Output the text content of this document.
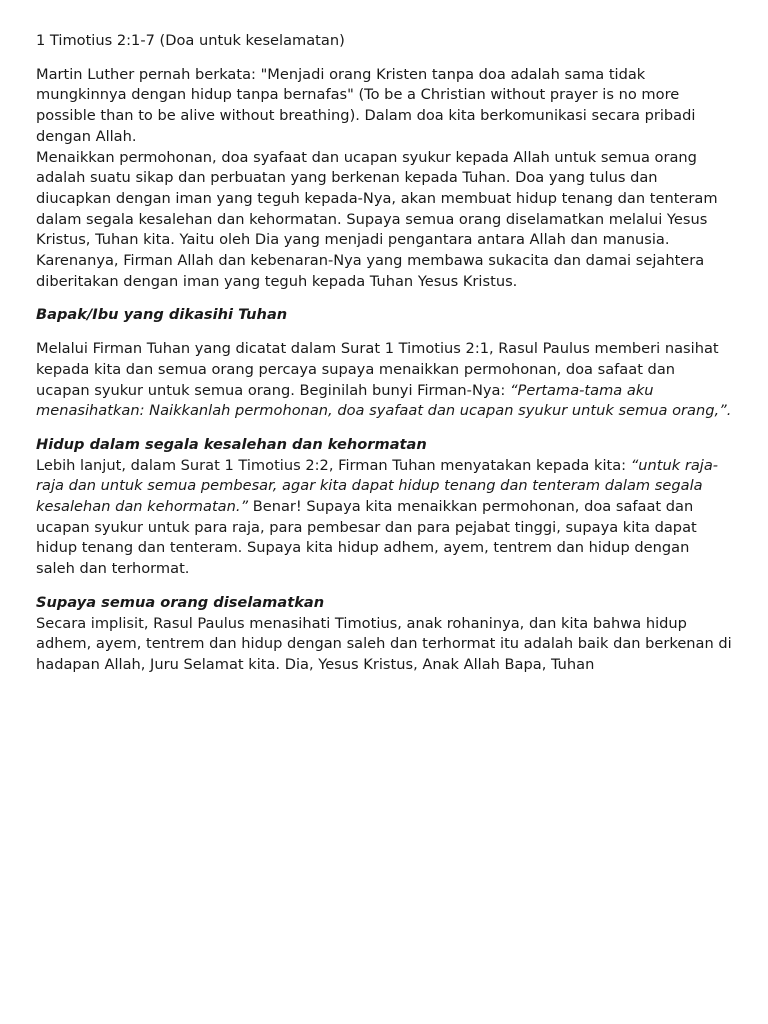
1 Timotius 2:1-7 (Doa untuk keselamatan)

Martin Luther pernah berkata: "Menjadi orang Kristen tanpa doa adalah sama tidak mungkinnya dengan hidup tanpa bernafas" (To be a Christian without prayer is no more possible than to be alive without breathing). Dalam doa kita berkomunikasi secara pribadi dengan Allah.

Menaikkan permohonan, doa syafaat dan ucapan syukur kepada Allah untuk semua orang adalah suatu sikap dan perbuatan yang berkenan kepada Tuhan. Doa yang tulus dan diucapkan dengan iman yang teguh kepada-Nya, akan membuat hidup tenang dan tenteram dalam segala kesalehan dan kehormatan. Supaya semua orang diselamatkan melalui Yesus Kristus, Tuhan kita. Yaitu oleh Dia yang menjadi pengantara antara Allah dan manusia. Karenanya, Firman Allah dan kebenaran-Nya yang membawa sukacita dan damai sejahtera diberitakan dengan iman yang teguh kepada Tuhan Yesus Kristus.

Bapak/Ibu yang dikasihi Tuhan

Melalui Firman Tuhan yang dicatat dalam Surat 1 Timotius 2:1, Rasul Paulus memberi nasihat kepada kita dan semua orang percaya supaya menaikkan permohonan, doa safaat dan ucapan syukur untuk semua orang. Beginilah bunyi Firman-Nya: “Pertama-tama aku menasihatkan: Naikkanlah permohonan, doa syafaat dan ucapan syukur untuk semua orang,”.

Hidup dalam segala kesalehan dan kehormatan

Lebih lanjut, dalam Surat 1 Timotius 2:2, Firman Tuhan menyatakan kepada kita: “untuk raja-raja dan untuk semua pembesar, agar kita dapat hidup tenang dan tenteram dalam segala kesalehan dan kehormatan.” Benar! Supaya kita menaikkan permohonan, doa safaat dan ucapan syukur untuk para raja, para pembesar dan para pejabat tinggi, supaya kita dapat hidup tenang dan tenteram. Supaya kita hidup adhem, ayem, tentrem dan hidup dengan saleh dan terhormat.

Supaya semua orang diselamatkan

Secara implisit, Rasul Paulus menasihati Timotius, anak rohaninya, dan kita bahwa hidup adhem, ayem, tentrem dan hidup dengan saleh dan terhormat itu adalah baik dan berkenan di hadapan Allah, Juru Selamat kita. Dia, Yesus Kristus, Anak Allah Bapa, Tuhan
